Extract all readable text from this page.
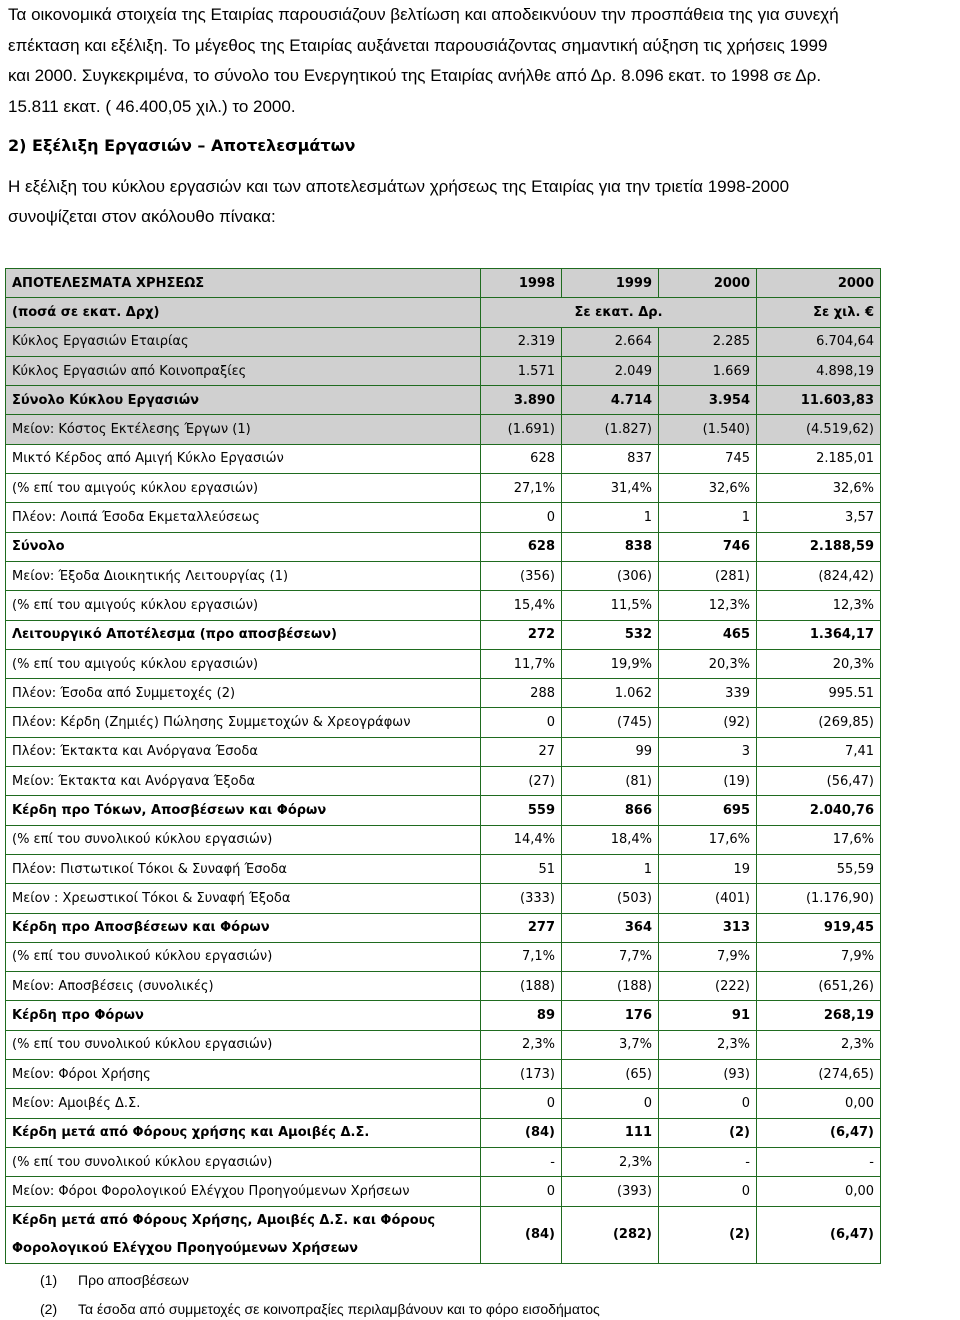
Τα οικονομικά στοιχεία της Εταιρίας παρουσιάζουν βελτίωση και αποδεικνύουν την προσπάθεια της για συνεχή

επέκταση και εξέλιξη. Το μέγεθος της Εταιρίας αυξάνεται παρουσιάζοντας σημαντική αύξηση τις χρήσεις 1999

και 2000. Συγκεκριμένα, το σύνολο του Ενεργητικού της Εταιρίας ανήλθε από Δρ. 8.096 εκατ. το 1998 σε Δρ.

15.811 εκατ. ( 46.400,05 χιλ.) το 2000.

2) Εξέλιξη Εργασιών – Αποτελεσμάτων
Η εξέλιξη του κύκλου εργασιών και των αποτελεσμάτων χρήσεως της Εταιρίας για την τριετία 1998-2000
συνοψίζεται στον ακόλουθο πίνακα:
ΑΠΟΤΕΛΕΣΜΑΤΑ ΧΡΗΣΕΩΣ	1998	1999	2000	2000
(ποσά σε εκατ. Δρχ)	Σε εκατ. Δρ.			Σε χιλ. €
Κύκλος Εργασιών Εταιρίας	2.319	2.664	2.285	6.704,64
Κύκλος Εργασιών από Κοινοπραξίες	1.571	2.049	1.669	4.898,19
Σύνολο Κύκλου Εργασιών	3.890	4.714	3.954	11.603,83
Μείον: Κόστος Εκτέλεσης Έργων (1)	(1.691)	(1.827)	(1.540)	(4.519,62)
Μικτό Κέρδος από Αμιγή Κύκλο Εργασιών	628	837	745	2.185,01
(% επί του αμιγούς κύκλου εργασιών)	27,1%	31,4%	32,6%	32,6%
Πλέον: Λοιπά Έσοδα Εκμεταλλεύσεως	0	1	1	3,57
Σύνολο	628	838	746	2.188,59
Μείον: Έξοδα Διοικητικής Λειτουργίας (1)	(356)	(306)	(281)	(824,42)
(% επί του αμιγούς κύκλου εργασιών)	15,4%	11,5%	12,3%	12,3%
Λειτουργικό Αποτέλεσμα (προ αποσβέσεων)	272	532	465	1.364,17
(% επί του αμιγούς κύκλου εργασιών)	11,7%	19,9%	20,3%	20,3%
Πλέον: Έσοδα από Συμμετοχές (2)	288	1.062	339	995.51
Πλέον: Κέρδη (Ζημιές) Πώλησης Συμμετοχών & Χρεογράφων	0	(745)	(92)	(269,85)
Πλέον: Έκτακτα και Ανόργανα Έσοδα	27	99	3	7,41
Μείον: Έκτακτα και Ανόργανα Έξοδα	(27)	(81)	(19)	(56,47)
Κέρδη προ Τόκων, Αποσβέσεων και Φόρων	559	866	695	2.040,76
(% επί του συνολικού κύκλου εργασιών)	14,4%	18,4%	17,6%	17,6%
Πλέον: Πιστωτικοί Τόκοι & Συναφή Έσοδα	51	1	19	55,59
Μείον : Χρεωστικοί Τόκοι & Συναφή Έξοδα	(333)	(503)	(401)	(1.176,90)
Κέρδη προ Αποσβέσεων και Φόρων	277	364	313	919,45
(% επί του συνολικού κύκλου εργασιών)	7,1%	7,7%	7,9%	7,9%
Μείον: Αποσβέσεις (συνολικές)	(188)	(188)	(222)	(651,26)
Κέρδη προ Φόρων	89	176	91	268,19
(% επί του συνολικού κύκλου εργασιών)	2,3%	3,7%	2,3%	2,3%
Μείον: Φόροι Χρήσης	(173)	(65)	(93)	(274,65)
Μείον: Αμοιβές Δ.Σ.	0	0	0	0,00
Κέρδη μετά από Φόρους χρήσης και Αμοιβές Δ.Σ.	(84)	111	(2)	(6,47)
(% επί του συνολικού κύκλου εργασιών)	-	2,3%	-	-
Μείον: Φόροι Φορολογικού Ελέγχου Προηγούμενων Χρήσεων	0	(393)	0	0,00
Κέρδη μετά από Φόρους Χρήσης, Αμοιβές Δ.Σ. και Φόρους Φορολογικού Ελέγχου Προηγούμενων Χρήσεων	(84)	(282)	(2)	(6,47)
(1) Προ αποσβέσεων
(2) Τα έσοδα από συμμετοχές σε κοινοπραξίες περιλαμβάνουν και το φόρο εισοδήματος
